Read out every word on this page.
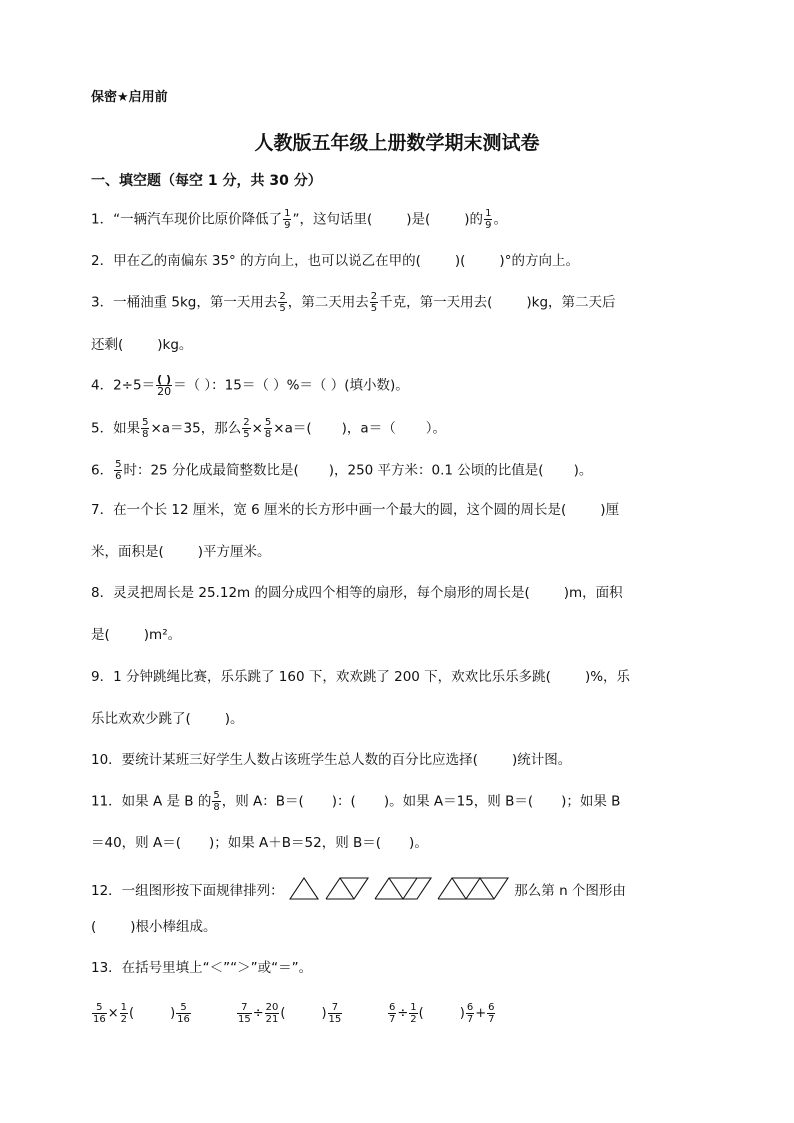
保密★启用前
人教版五年级上册数学期末测试卷
一、填空题（每空 1 分，共 30 分）
1．“一辆汽车现价比原价降低了 $\frac{1}{9}$ ”，这句话里(	)是(	)的 $\frac{1}{9}$ 。
2．甲在乙的南偏东 35° 的方向上，也可以说乙在甲的(	)(	)°的方向上。
3．一桶油重 5kg，第一天用去 $\frac{2}{5}$ ，第二天用去 $\frac{2}{5}$ 千克，第一天用去(	)kg，第二天后
还剩(	)kg。
4．$2\div 5= \frac{( )}{20}$ ＝（ ）：15＝（ ）%＝（ ）(填小数)。
5．如果 $\frac{5}{8} \times a=35$，那么 $\frac{2}{5} \times \frac{5}{8} \times a=$( )，a＝（ ）。
6． $\frac{5}{6}$ 时：25 分化成最简整数比是( )，250 平方米：0.1 公顷的比值是( )。
7．在一个长 12 厘米，宽 6 厘米的长方形中画一个最大的圆，这个圆的周长是(	)厘
米，面积是(	)平方厘米。
8．灵灵把周长是 25.12m 的圆分成四个相等的扇形，每个扇形的周长是(	)m，面积
是(	)m²。
9．1 分钟跳绳比赛，乐乐跳了 160 下，欢欢跳了 200 下，欢欢比乐乐多跳(	)%，乐
乐比欢欢少跳了(	)。
10．要统计某班三好学生人数占该班学生总人数的百分比应选择(	)统计图。
11．如果 A 是 B 的 $\frac{5}{8}$ ，则 A：B＝( )：( )。如果 A＝15，则 B＝( )；如果 B
＝40，则 A＝( )；如果 A＋B＝52，则 B＝( )。
12．一组图形按下面规律排列：	那么第 n 个图形由
(	)根小棒组成。
13．在括号里填上“＜”“＞”或“＝”。
$\frac{5}{16} \times \frac{1}{2}$ (	) $\frac{5}{16}$	$\frac{7}{15} \div \frac{20}{21}$ (	) $\frac{7}{15}$	$\frac{6}{7} \div \frac{1}{2}$ (	) $\frac{6}{7} + \frac{6}{7}$
